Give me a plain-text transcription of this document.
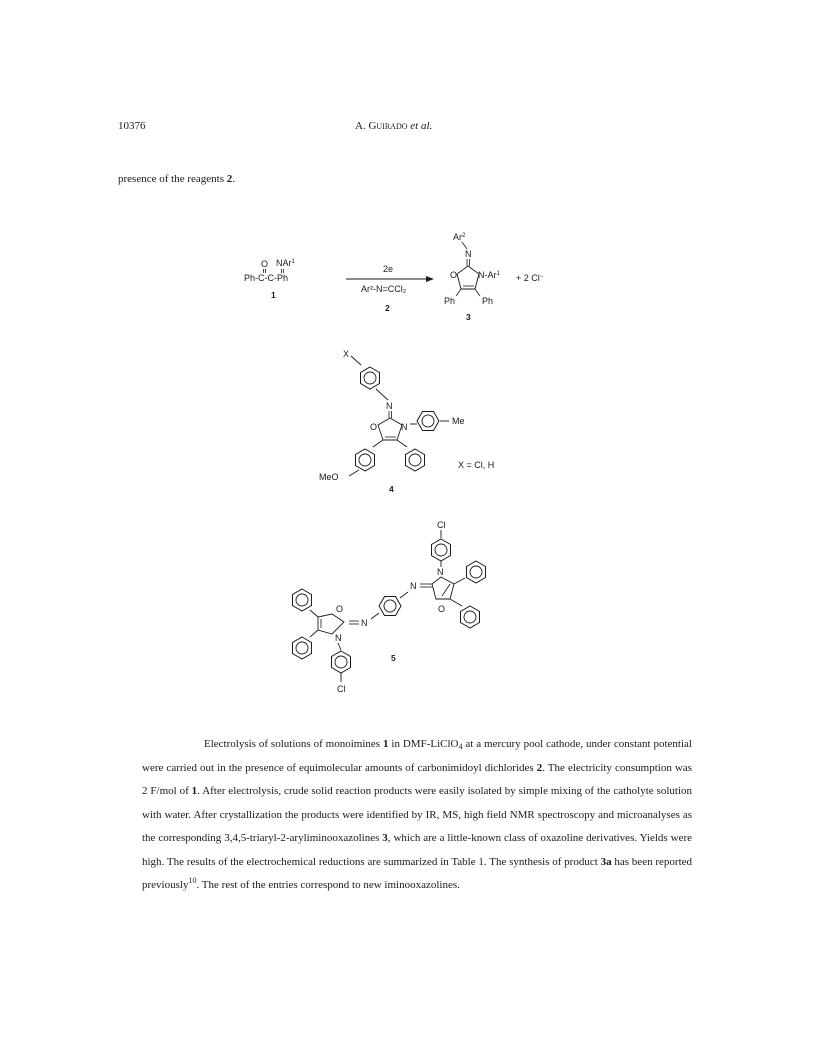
10376	A. Guirado et al.
presence of the reagents 2.
O NAr$^1$
Ph-C-C-Ph
1
2e
Ar²-N=CCl₂
2
Ar$^2$
N
O N-Ar$^1$
Ph	Ph
3
+ 2 Cl−
X
N
O	N
Me
MeO
4
X = Cl, H
Cl
N
O
N
N
O
N
Cl
5

Electrolysis of solutions of monoimines 1 in DMF-LiClO$_4$ at a mercury pool cathode, under constant potential were carried out in the presence of equimolecular amounts of carbonimidoyl dichlorides 2. The electricity consumption was 2 F/mol of 1. After electrolysis, crude solid reaction products were easily isolated by simple mixing of the catholyte solution with water. After crystallization the products were identified by IR, MS, high field NMR spectroscopy and microanalyses as the corresponding 3,4,5-triaryl-2-aryliminooxazolines 3, which are a little-known class of oxazoline derivatives. Yields were high. The results of the electrochemical reductions are summarized in Table 1. The synthesis of product 3a has been reported previously$^{10}$. The rest of the entries correspond to new iminooxazolines.
